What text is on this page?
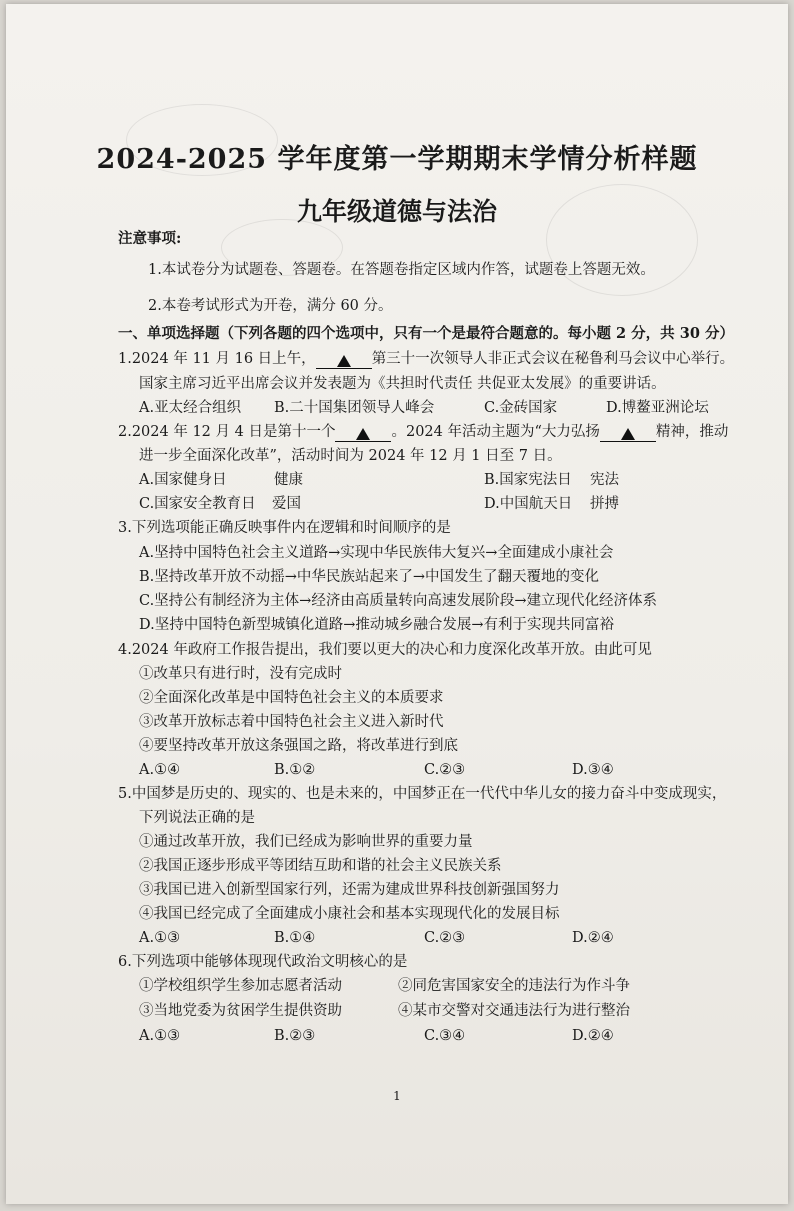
2024-2025 学年度第一学期期末学情分析样题
九年级道德与法治
注意事项:
1.本试卷分为试题卷、答题卷。在答题卷指定区域内作答，试题卷上答题无效。
2.本卷考试形式为开卷，满分 60 分。
一、单项选择题（下列各题的四个选项中，只有一个是最符合题意的。每小题 2 分，共 30 分）
1.2024 年 11 月 16 日上午，	第三十一次领导人非正式会议在秘鲁利马会议中心举行。
国家主席习近平出席会议并发表题为《共担时代责任 共促亚太发展》的重要讲话。
A.亚太经合组织 B.二十国集团领导人峰会	C.金砖国家	D.博鳌亚洲论坛
2.2024 年 12 月 4 日是第十一个	。2024 年活动主题为“大力弘扬	精神，推动
进一步全面深化改革”，活动时间为 2024 年 12 月 1 日至 7 日。
A.国家健身日	健康	B.国家宪法日 宪法
C.国家安全教育日 爱国	D.中国航天日 拼搏
3.下列选项能正确反映事件内在逻辑和时间顺序的是
A.坚持中国特色社会主义道路→实现中华民族伟大复兴→全面建成小康社会
B.坚持改革开放不动摇→中华民族站起来了→中国发生了翻天覆地的变化
C.坚持公有制经济为主体→经济由高质量转向高速发展阶段→建立现代化经济体系
D.坚持中国特色新型城镇化道路→推动城乡融合发展→有利于实现共同富裕
4.2024 年政府工作报告提出，我们要以更大的决心和力度深化改革开放。由此可见
①改革只有进行时，没有完成时
②全面深化改革是中国特色社会主义的本质要求
③改革开放标志着中国特色社会主义进入新时代
④要坚持改革开放这条强国之路，将改革进行到底
A.①④	B.①②	C.②③	D.③④
5.中国梦是历史的、现实的、也是未来的，中国梦正在一代代中华儿女的接力奋斗中变成现实，
下列说法正确的是
①通过改革开放，我们已经成为影响世界的重要力量
②我国正逐步形成平等团结互助和谐的社会主义民族关系
③我国已进入创新型国家行列，还需为建成世界科技创新强国努力
④我国已经完成了全面建成小康社会和基本实现现代化的发展目标
A.①③	B.①④	C.②③	D.②④
6.下列选项中能够体现现代政治文明核心的是
①学校组织学生参加志愿者活动	②同危害国家安全的违法行为作斗争
③当地党委为贫困学生提供资助	④某市交警对交通违法行为进行整治
A.①③	B.②③	C.③④	D.②④
1
